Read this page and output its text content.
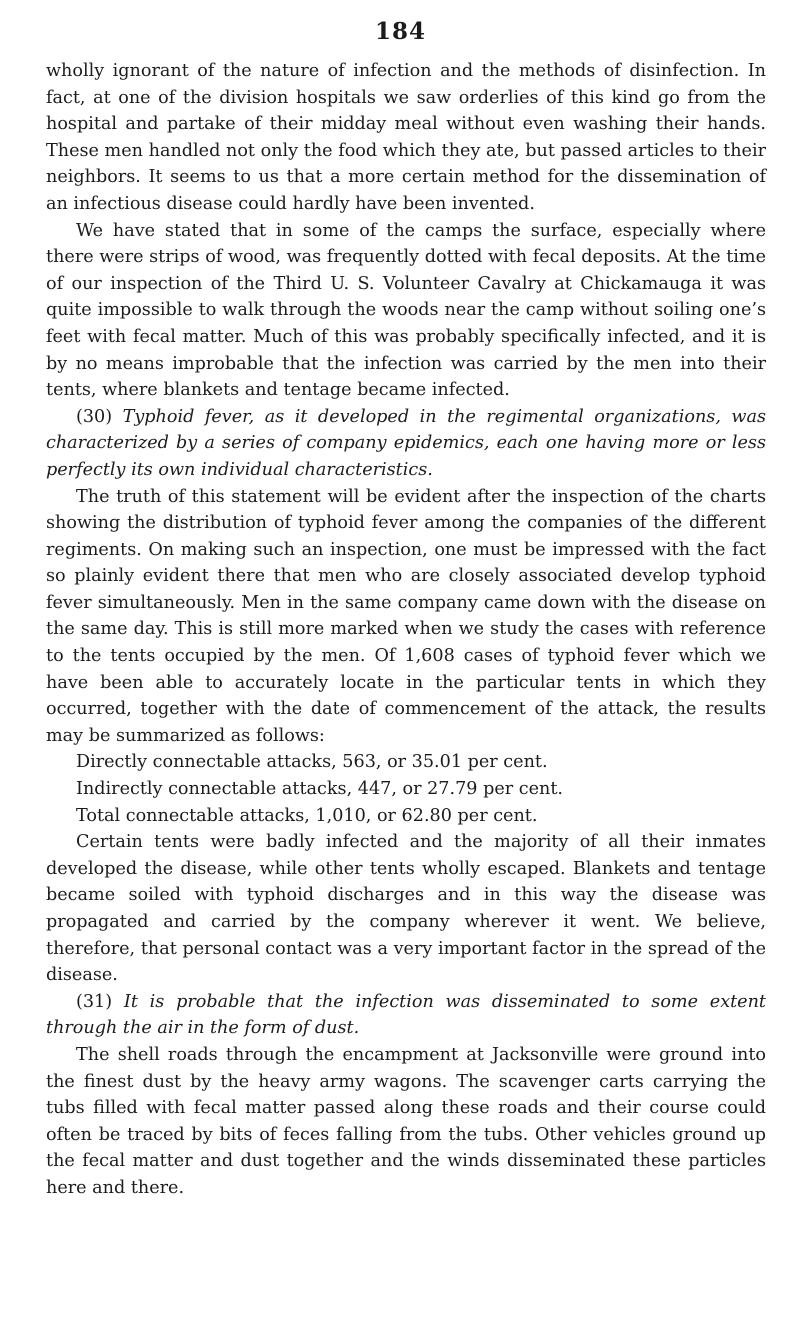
184

wholly ignorant of the nature of infection and the methods of disinfection. In fact, at one of the division hospitals we saw orderlies of this kind go from the hospital and partake of their midday meal without even washing their hands. These men handled not only the food which they ate, but passed articles to their neighbors. It seems to us that a more certain method for the dissemination of an infectious disease could hardly have been invented.

We have stated that in some of the camps the surface, especially where there were strips of wood, was frequently dotted with fecal deposits. At the time of our inspection of the Third U. S. Volunteer Cavalry at Chickamauga it was quite impossible to walk through the woods near the camp without soiling one’s feet with fecal matter. Much of this was probably specifically infected, and it is by no means improbable that the infection was carried by the men into their tents, where blankets and tentage became infected.

(30) Typhoid fever, as it developed in the regimental organizations, was characterized by a series of company epidemics, each one having more or less perfectly its own individual characteristics.

The truth of this statement will be evident after the inspection of the charts showing the distribution of typhoid fever among the companies of the different regiments. On making such an inspection, one must be impressed with the fact so plainly evident there that men who are closely associated develop typhoid fever simultaneously. Men in the same company came down with the disease on the same day. This is still more marked when we study the cases with reference to the tents occupied by the men. Of 1,608 cases of typhoid fever which we have been able to accurately locate in the particular tents in which they occurred, together with the date of commencement of the attack, the results may be summarized as follows:

Directly connectable attacks, 563, or 35.01 per cent.

Indirectly connectable attacks, 447, or 27.79 per cent.

Total connectable attacks, 1,010, or 62.80 per cent.

Certain tents were badly infected and the majority of all their inmates developed the disease, while other tents wholly escaped. Blankets and tentage became soiled with typhoid discharges and in this way the disease was propagated and carried by the company wherever it went. We believe, therefore, that personal contact was a very important factor in the spread of the disease.

(31) It is probable that the infection was disseminated to some extent through the air in the form of dust.

The shell roads through the encampment at Jacksonville were ground into the finest dust by the heavy army wagons. The scavenger carts carrying the tubs filled with fecal matter passed along these roads and their course could often be traced by bits of feces falling from the tubs. Other vehicles ground up the fecal matter and dust together and the winds disseminated these particles here and there.
